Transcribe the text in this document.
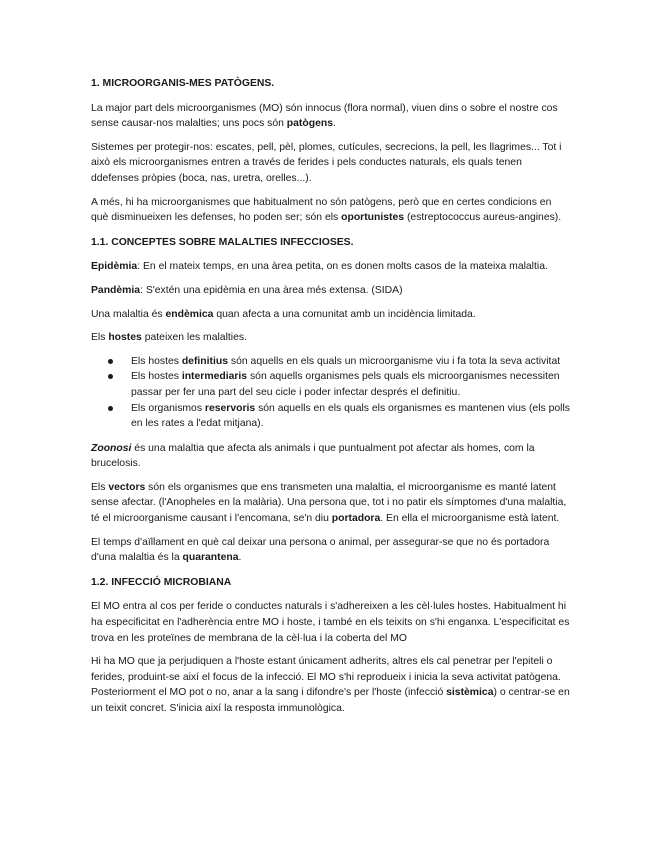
1. MICROORGANIS-MES PATÒGENS.

La major part dels microorganismes (MO) són innocus (flora normal), viuen dins o sobre el nostre cos sense causar-nos malalties; uns pocs són patògens.

Sistemes per protegir-nos: escates, pell, pèl, plomes, cutícules, secrecions, la pell, les llagrimes... Tot i això els microorganismes entren a través de ferides i pels conductes naturals, els quals tenen ddefenses pròpies (boca, nas, uretra, orelles...).

A més, hi ha microorganismes que habitualment no són patògens, però que en certes condicions en què disminueixen les defenses, ho poden ser; són els oportunistes (estreptococcus aureus-angines).

1.1. CONCEPTES SOBRE MALALTIES INFECCIOSES.

Epidèmia: En el mateix temps, en una àrea petita, on es donen molts casos de la mateixa malaltia.

Pandèmia: S'extén una epidèmia en una àrea més extensa. (SIDA)

Una malaltia és endèmica quan afecta a una comunitat amb un incidència limitada.

Els hostes pateixen les malalties.

Els hostes definitius són aquells en els quals un microorganisme viu i fa tota la seva activitat
Els hostes intermediaris són aquells organismes pels quals els microorganismes necessiten passar per fer una part del seu cicle i poder infectar després el definitiu.
Els organismos reservoris són aquells en els quals els organismes es mantenen vius (els polls en les rates a l'edat mitjana).

Zoonosi és una malaltia que afecta als animals i que puntualment pot afectar als homes, com la brucelosis.

Els vectors són els organismes que ens transmeten una malaltia, el microorganisme es manté latent sense afectar. (l'Anopheles en la malària). Una persona que, tot i no patir els símptomes d'una malaltia, té el microorganisme causant i l'encomana, se'n diu portadora. En ella el microorganisme està latent.

El temps d'aïllament en què cal deixar una persona o animal, per assegurar-se que no és portadora d'una malaltia és la quarantena.

1.2. INFECCIÓ MICROBIANA

El MO entra al cos per feride o conductes naturals i s'adhereixen a les cèl·lules hostes. Habitualment hi ha especificitat en l'adherència entre MO i hoste, i també en els teixits on s'hi enganxa. L'especificitat es trova en les proteïnes de membrana de la cèl·lua i la coberta del MO

Hi ha MO que ja perjudiquen a l'hoste estant únicament adherits, altres els cal penetrar per l'epiteli o ferides, produint-se així el focus de la infecció. El MO s'hi reprodueix i inicia la seva activitat patògena. Posteriorment el MO pot o no, anar a la sang i difondre's per l'hoste (infecció sistèmica) o centrar-se en un teixit concret. S'inicia així la resposta immunològica.
